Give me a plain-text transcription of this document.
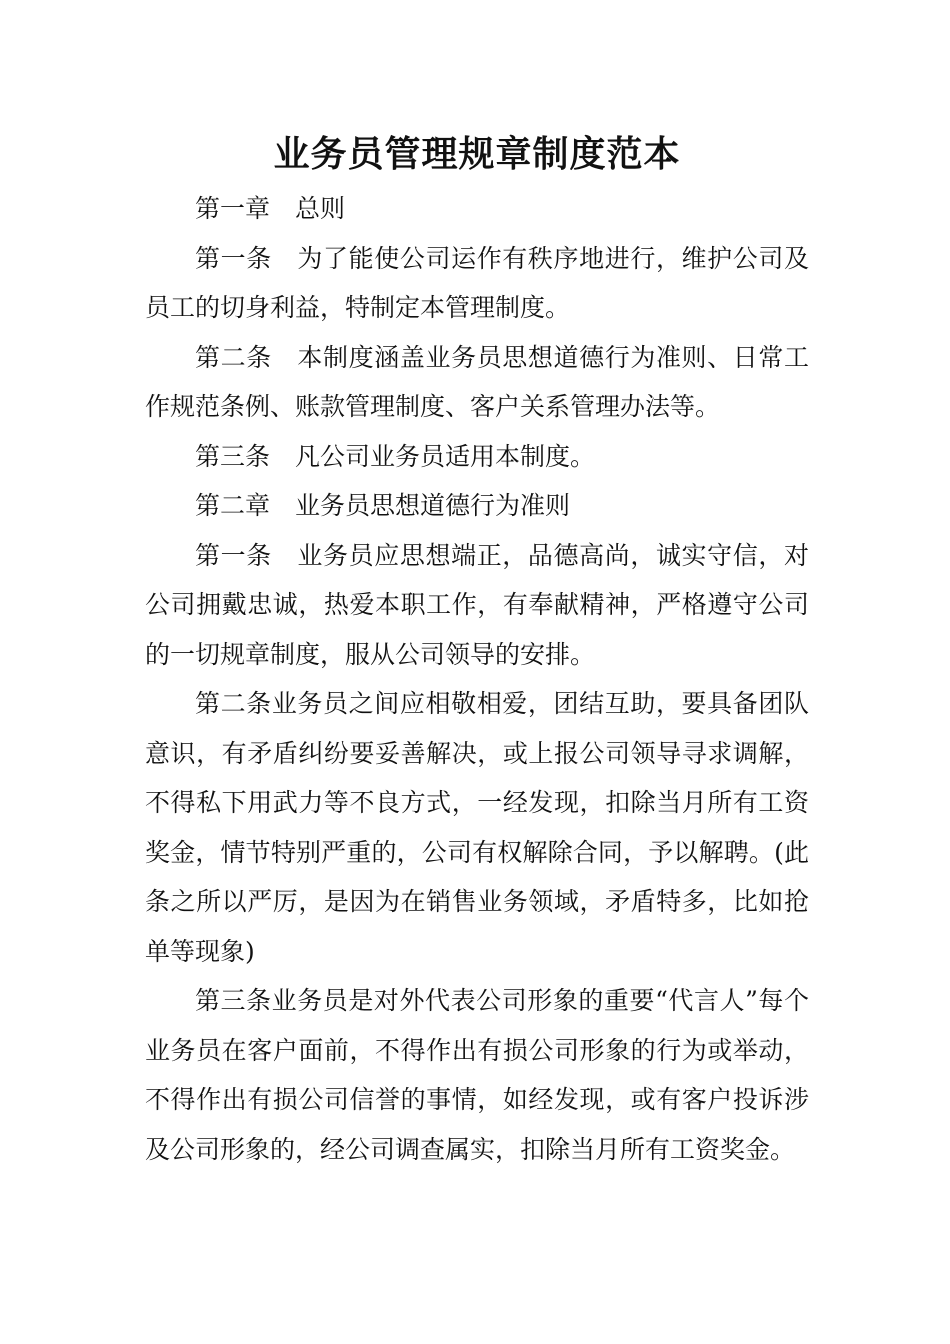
业务员管理规章制度范本

第一章　总则

第一条　为了能使公司运作有秩序地进行，维护公司及员工的切身利益，特制定本管理制度。

第二条　本制度涵盖业务员思想道德行为准则、日常工作规范条例、账款管理制度、客户关系管理办法等。

第三条　凡公司业务员适用本制度。

第二章　业务员思想道德行为准则

第一条　业务员应思想端正，品德高尚，诚实守信，对公司拥戴忠诚，热爱本职工作，有奉献精神，严格遵守公司的一切规章制度，服从公司领导的安排。

第二条业务员之间应相敬相爱，团结互助，要具备团队意识，有矛盾纠纷要妥善解决，或上报公司领导寻求调解，不得私下用武力等不良方式，一经发现，扣除当月所有工资奖金，情节特别严重的，公司有权解除合同，予以解聘。(此条之所以严厉，是因为在销售业务领域，矛盾特多，比如抢单等现象)

第三条业务员是对外代表公司形象的重要“代言人”每个业务员在客户面前，不得作出有损公司形象的行为或举动，不得作出有损公司信誉的事情，如经发现，或有客户投诉涉及公司形象的，经公司调查属实，扣除当月所有工资奖金。
